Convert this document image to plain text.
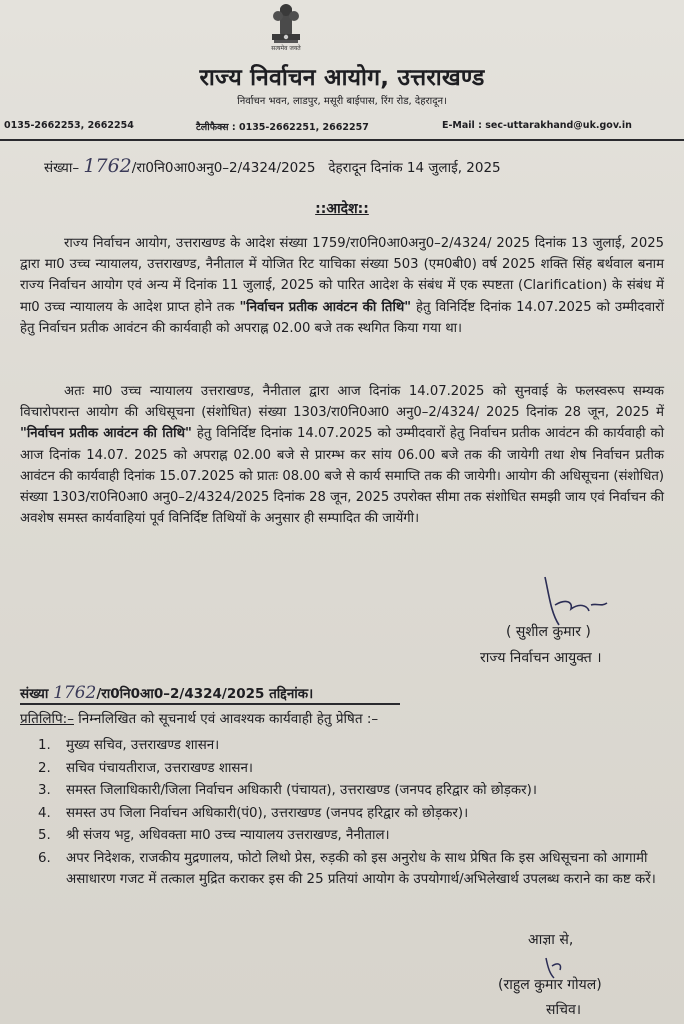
सत्यमेव जयते
राज्य निर्वाचन आयोग, उत्तराखण्ड
निर्वाचन भवन, लाडपुर, मसूरी बाईपास, रिंग रोड, देहरादून।
0135-2662253, 2662254	टैलीफैक्स : 0135-2662251, 2662257	E-Mail : sec-uttarakhand@uk.gov.in
संख्या– 1762/रा0नि0आ0अनु0–2/4324/2025 देहरादून दिनांक 14 जुलाई, 2025
::आदेश::
राज्य निर्वाचन आयोग, उत्तराखण्ड के आदेश संख्या 1759/रा0नि0आ0अनु0–2/4324/ 2025 दिनांक 13 जुलाई, 2025 द्वारा मा0 उच्च न्यायालय, उत्तराखण्ड, नैनीताल में योजित रिट याचिका संख्या 503 (एम0बी0) वर्ष 2025 शक्ति सिंह बर्थवाल बनाम राज्य निर्वाचन आयोग एवं अन्य में दिनांक 11 जुलाई, 2025 को पारित आदेश के संबंध में एक स्पष्टता (Clarification) के संबंध में मा0 उच्च न्यायालय के आदेश प्राप्त होने तक "निर्वाचन प्रतीक आवंटन की तिथि" हेतु विनिर्दिष्ट दिनांक 14.07.2025 को उम्मीदवारों हेतु निर्वाचन प्रतीक आवंटन की कार्यवाही को अपराह्न 02.00 बजे तक स्थगित किया गया था।
अतः मा0 उच्च न्यायालय उत्तराखण्ड, नैनीताल द्वारा आज दिनांक 14.07.2025 को सुनवाई के फलस्वरूप सम्यक विचारोपरान्त आयोग की अधिसूचना (संशोधित) संख्या 1303/रा0नि0आ0 अनु0–2/4324/ 2025 दिनांक 28 जून, 2025 में "निर्वाचन प्रतीक आवंटन की तिथि" हेतु विनिर्दिष्ट दिनांक 14.07.2025 को उम्मीदवारों हेतु निर्वाचन प्रतीक आवंटन की कार्यवाही को आज दिनांक 14.07. 2025 को अपराह्न 02.00 बजे से प्रारम्भ कर सांय 06.00 बजे तक की जायेगी तथा शेष निर्वाचन प्रतीक आवंटन की कार्यवाही दिनांक 15.07.2025 को प्रातः 08.00 बजे से कार्य समाप्ति तक की जायेगी। आयोग की अधिसूचना (संशोधित) संख्या 1303/रा0नि0आ0 अनु0–2/4324/2025 दिनांक 28 जून, 2025 उपरोक्त सीमा तक संशोधित समझी जाय एवं निर्वाचन की अवशेष समस्त कार्यवाहियां पूर्व विनिर्दिष्ट तिथियों के अनुसार ही सम्पादित की जायेंगी।
( सुशील कुमार )
राज्य निर्वाचन आयुक्त ।
संख्या 1762/रा0नि0आ0–2/4324/2025 तद्दिनांक।
प्रतिलिपि:– निम्नलिखित को सूचनार्थ एवं आवश्यक कार्यवाही हेतु प्रेषित :–
1. मुख्य सचिव, उत्तराखण्ड शासन।
2. सचिव पंचायतीराज, उत्तराखण्ड शासन।
3. समस्त जिलाधिकारी/जिला निर्वाचन अधिकारी (पंचायत), उत्तराखण्ड (जनपद हरिद्वार को छोड़कर)।
4. समस्त उप जिला निर्वाचन अधिकारी(पं0), उत्तराखण्ड (जनपद हरिद्वार को छोड़कर)।
5. श्री संजय भट्ट, अधिवक्ता मा0 उच्च न्यायालय उत्तराखण्ड, नैनीताल।
6. अपर निदेशक, राजकीय मुद्रणालय, फोटो लिथो प्रेस, रुड़की को इस अनुरोध के साथ प्रेषित कि इस अधिसूचना को आगामी असाधारण गजट में तत्काल मुद्रित कराकर इस की 25 प्रतियां आयोग के उपयोगार्थ/अभिलेखार्थ उपलब्ध कराने का कष्ट करें।
आज्ञा से,
(राहुल कुमार गोयल)
सचिव।
